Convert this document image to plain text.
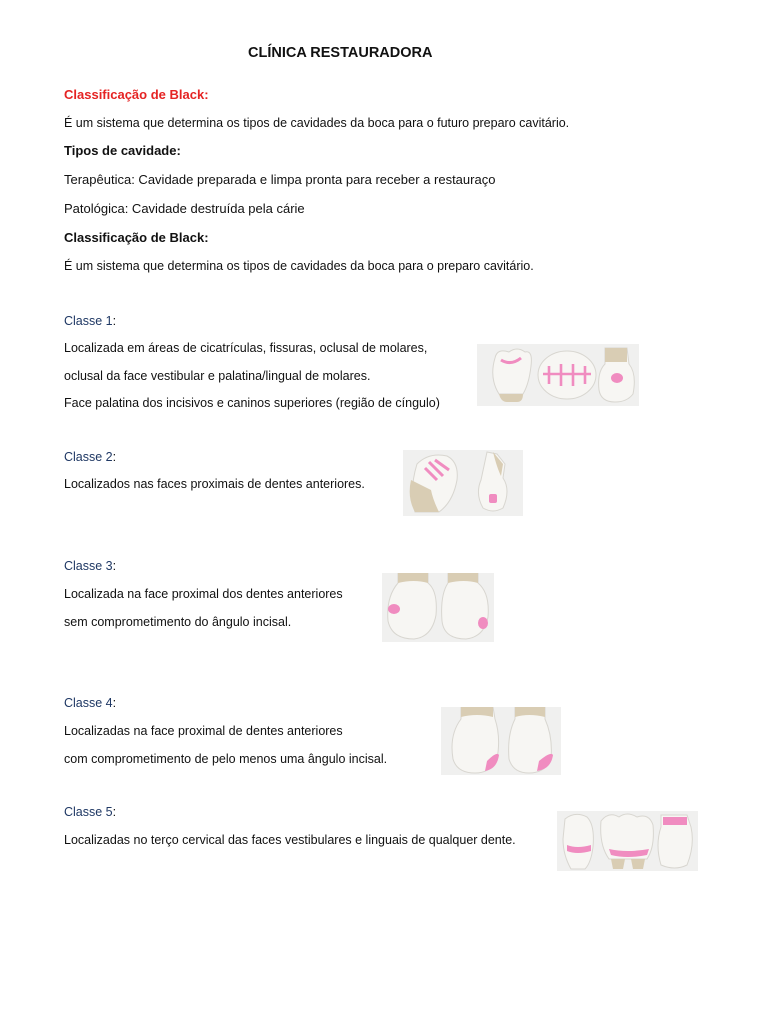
CLÍNICA RESTAURADORA
Classificação de Black:
É um sistema que determina os tipos de cavidades da boca para o futuro preparo cavitário.
Tipos de cavidade:
Terapêutica: Cavidade preparada e limpa pronta para receber a restauraço
Patológica: Cavidade destruída pela cárie
Classificação de Black:
É um sistema que determina os tipos de cavidades da boca para o preparo cavitário.
Classe 1:
Localizada em áreas de cicatrículas, fissuras, oclusal de molares,
oclusal da face vestibular e palatina/lingual de molares.
Face palatina dos incisivos e caninos superiores (região de cíngulo)
Classe 2:
Localizados nas faces proximais de dentes anteriores.
Classe 3:
Localizada na face proximal dos dentes anteriores
sem comprometimento do ângulo incisal.
Classe 4:
Localizadas na face proximal de dentes anteriores
com comprometimento de pelo menos uma ângulo incisal.
Classe 5:
Localizadas no terço cervical das faces vestibulares e linguais de qualquer dente.
